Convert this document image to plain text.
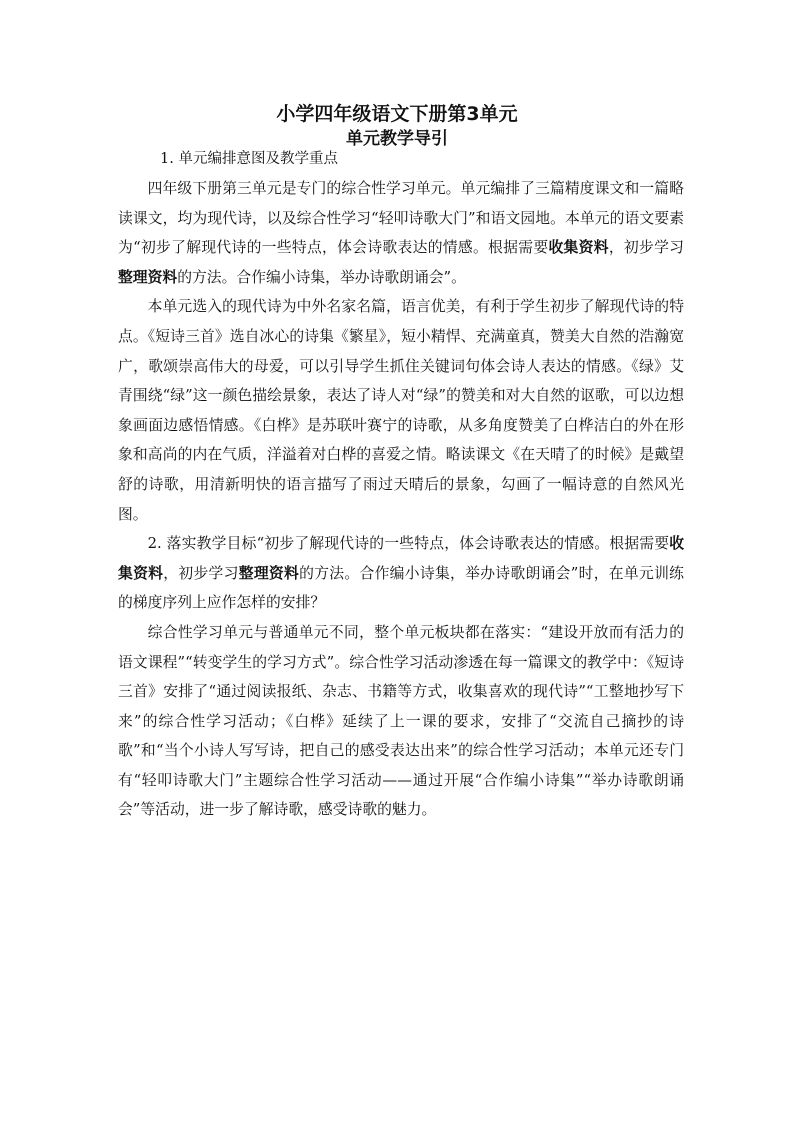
小学四年级语文下册第3单元
单元教学导引

1. 单元编排意图及教学重点

四年级下册第三单元是专门的综合性学习单元。单元编排了三篇精度课文和一篇略读课文，均为现代诗，以及综合性学习“轻叩诗歌大门”和语文园地。本单元的语文要素为“初步了解现代诗的一些特点，体会诗歌表达的情感。根据需要收集资料，初步学习整理资料的方法。合作编小诗集，举办诗歌朗诵会”。

本单元选入的现代诗为中外名家名篇，语言优美，有利于学生初步了解现代诗的特点。《短诗三首》选自冰心的诗集《繁星》，短小精悍、充满童真，赞美大自然的浩瀚宽广，歌颂崇高伟大的母爱，可以引导学生抓住关键词句体会诗人表达的情感。《绿》艾青围绕“绿”这一颜色描绘景象，表达了诗人对“绿”的赞美和对大自然的讴歌，可以边想象画面边感悟情感。《白桦》是苏联叶赛宁的诗歌，从多角度赞美了白桦洁白的外在形象和高尚的内在气质，洋溢着对白桦的喜爱之情。略读课文《在天晴了的时候》是戴望舒的诗歌，用清新明快的语言描写了雨过天晴后的景象，勾画了一幅诗意的自然风光图。

2. 落实教学目标“初步了解现代诗的一些特点，体会诗歌表达的情感。根据需要收集资料，初步学习整理资料的方法。合作编小诗集，举办诗歌朗诵会”时，在单元训练的梯度序列上应作怎样的安排？

综合性学习单元与普通单元不同，整个单元板块都在落实：“建设开放而有活力的语文课程”“转变学生的学习方式”。综合性学习活动渗透在每一篇课文的教学中：《短诗三首》安排了“通过阅读报纸、杂志、书籍等方式，收集喜欢的现代诗”“工整地抄写下来”的综合性学习活动；《白桦》延续了上一课的要求，安排了“交流自己摘抄的诗歌”和“当个小诗人写写诗，把自己的感受表达出来”的综合性学习活动；本单元还专门有“轻叩诗歌大门”主题综合性学习活动——通过开展“合作编小诗集”“举办诗歌朗诵会”等活动，进一步了解诗歌，感受诗歌的魅力。
